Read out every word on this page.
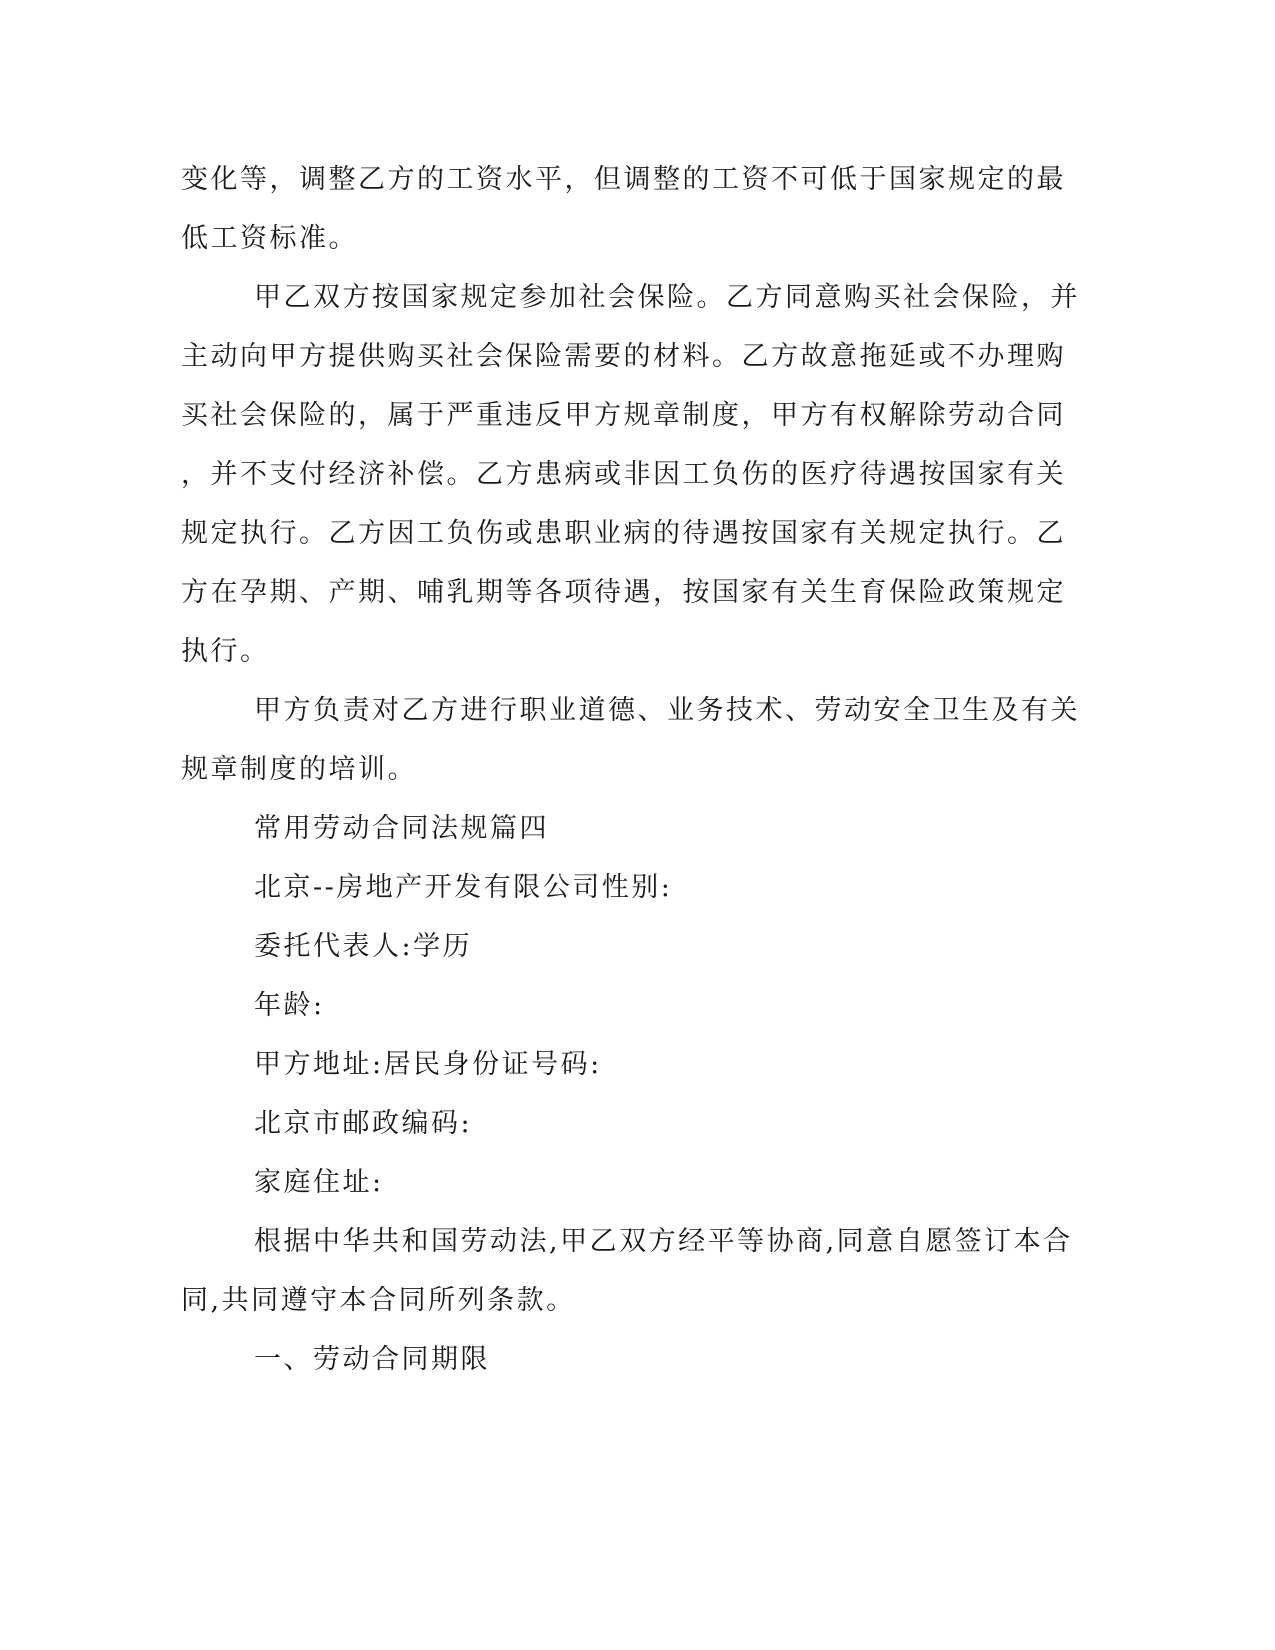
变化等，调整乙方的工资水平，但调整的工资不可低于国家规定的最
低工资标准。
甲乙双方按国家规定参加社会保险。乙方同意购买社会保险，并
主动向甲方提供购买社会保险需要的材料。乙方故意拖延或不办理购
买社会保险的，属于严重违反甲方规章制度，甲方有权解除劳动合同
，并不支付经济补偿。乙方患病或非因工负伤的医疗待遇按国家有关
规定执行。乙方因工负伤或患职业病的待遇按国家有关规定执行。乙
方在孕期、产期、哺乳期等各项待遇，按国家有关生育保险政策规定
执行。
甲方负责对乙方进行职业道德、业务技术、劳动安全卫生及有关
规章制度的培训。
常用劳动合同法规篇四
北京--房地产开发有限公司性别:
委托代表人:学历
年龄:
甲方地址:居民身份证号码:
北京市邮政编码:
家庭住址:
根据中华共和国劳动法,甲乙双方经平等协商,同意自愿签订本合
同,共同遵守本合同所列条款。
一、劳动合同期限
